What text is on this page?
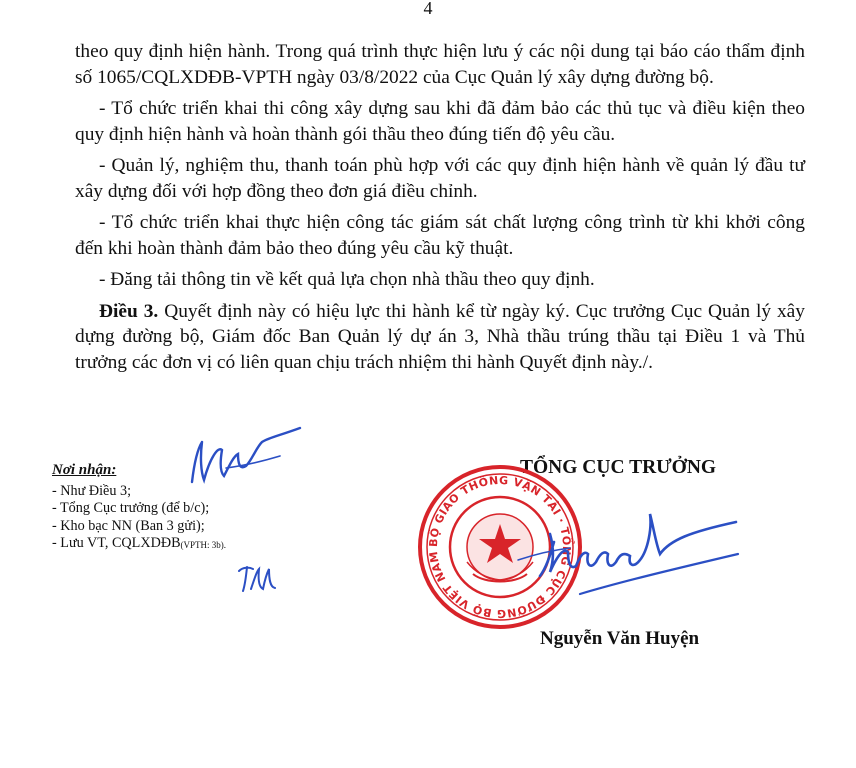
4

theo quy định hiện hành. Trong quá trình thực hiện lưu ý các nội dung tại báo cáo thẩm định số 1065/CQLXDĐB-VPTH ngày 03/8/2022 của Cục Quản lý xây dựng đường bộ.

- Tổ chức triển khai thi công xây dựng sau khi đã đảm bảo các thủ tục và điều kiện theo quy định hiện hành và hoàn thành gói thầu theo đúng tiến độ yêu cầu.

- Quản lý, nghiệm thu, thanh toán phù hợp với các quy định hiện hành về quản lý đầu tư xây dựng đối với hợp đồng theo đơn giá điều chỉnh.

- Tổ chức triển khai thực hiện công tác giám sát chất lượng công trình từ khi khởi công đến khi hoàn thành đảm bảo theo đúng yêu cầu kỹ thuật.

- Đăng tải thông tin về kết quả lựa chọn nhà thầu theo quy định.

Điều 3. Quyết định này có hiệu lực thi hành kể từ ngày ký. Cục trưởng Cục Quản lý xây dựng đường bộ, Giám đốc Ban Quản lý dự án 3, Nhà thầu trúng thầu tại Điều 1 và Thủ trưởng các đơn vị có liên quan chịu trách nhiệm thi hành Quyết định này./.

Nơi nhận:
- Như Điều 3;
- Tổng Cục trưởng (để b/c);
- Kho bạc NN (Ban 3 gửi);
- Lưu VT, $CQLXDĐB_{(VPTH: 3b).}$
TỔNG CỤC TRƯỞNG
BỘ GIAO THÔNG VẬN TẢI · TỔNG CỤC ĐƯỜNG BỘ VIỆT NAM
Nguyễn Văn Huyện
